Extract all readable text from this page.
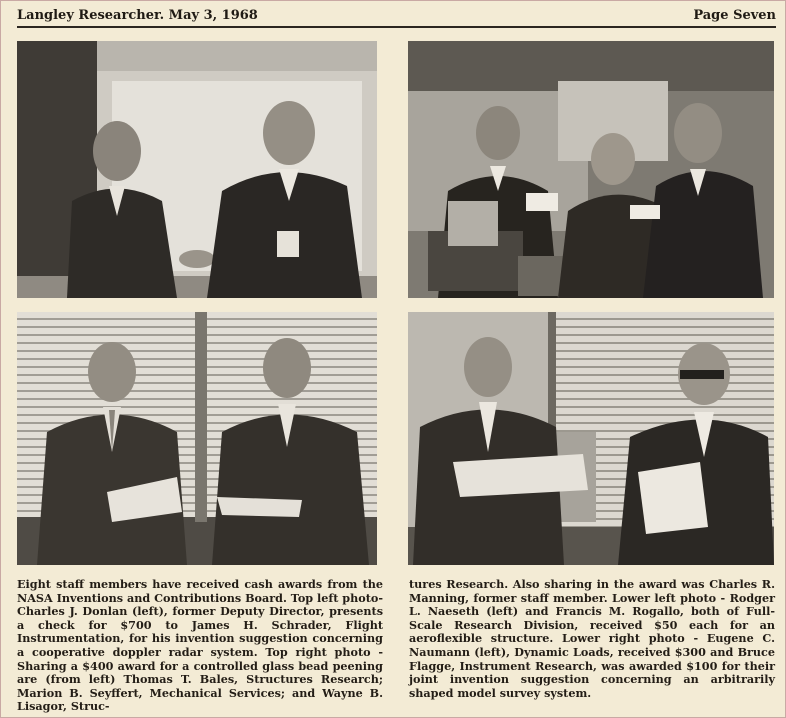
Langley Researcher. May 3, 1968	Page Seven
Eight staff members have received cash awards from the NASA Inventions and Contributions Board. Top left photo-Charles J. Donlan (left), former Deputy Director, presents a check for $700 to James H. Schrader, Flight Instrumentation, for his invention suggestion concerning a cooperative doppler radar system. Top right photo - Sharing a $400 award for a controlled glass bead peening are (from left) Thomas T. Bales, Structures Research; Marion B. Seyffert, Mechanical Services; and Wayne B. Lisagor, Struc-
tures Research. Also sharing in the award was Charles R. Manning, former staff member. Lower left photo - Rodger L. Naeseth (left) and Francis M. Rogallo, both of Full-Scale Research Division, received $50 each for an aeroflexible structure. Lower right photo - Eugene C. Naumann (left), Dynamic Loads, received $300 and Bruce Flagge, Instrument Research, was awarded $100 for their joint invention suggestion concerning an arbitrarily shaped model survey system.
